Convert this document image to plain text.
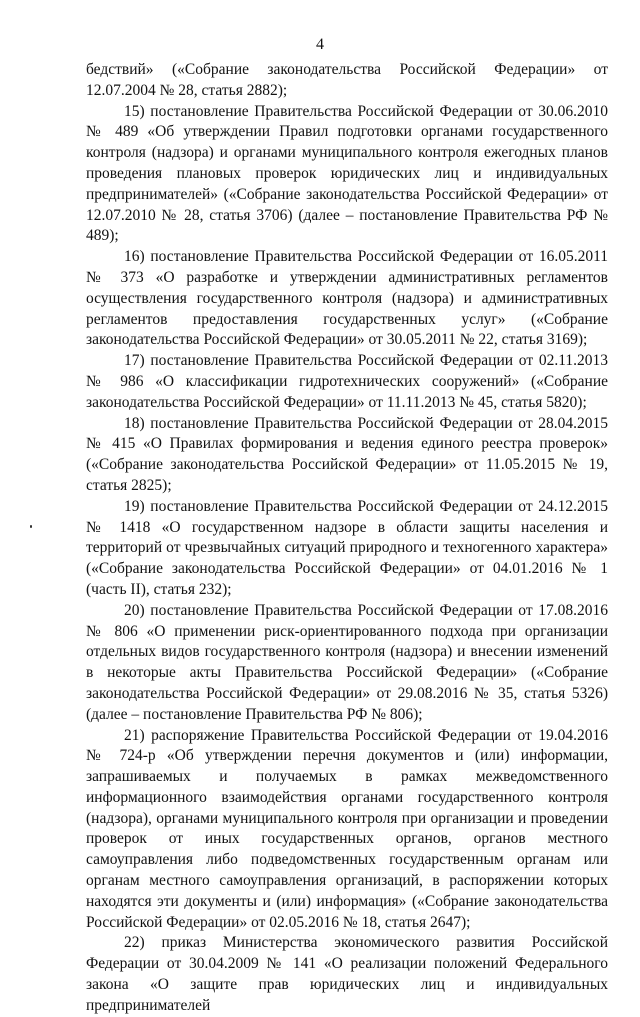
4

бедствий» («Собрание законодательства Российской Федерации» от 12.07.2004 № 28, статья 2882);

15) постановление Правительства Российской Федерации от 30.06.2010 № 489 «Об утверждении Правил подготовки органами государственного контроля (надзора) и органами муниципального контроля ежегодных планов проведения плановых проверок юридических лиц и индивидуальных предпринимателей» («Собрание законодательства Российской Федерации» от 12.07.2010 № 28, статья 3706) (далее – постановление Правительства РФ № 489);

16) постановление Правительства Российской Федерации от 16.05.2011 № 373 «О разработке и утверждении административных регламентов осуществления государственного контроля (надзора) и административных регламентов предоставления государственных услуг» («Собрание законодательства Российской Федерации» от 30.05.2011 № 22, статья 3169);

17) постановление Правительства Российской Федерации от 02.11.2013 № 986 «О классификации гидротехнических сооружений» («Собрание законодательства Российской Федерации» от 11.11.2013 № 45, статья 5820);

18) постановление Правительства Российской Федерации от 28.04.2015 № 415 «О Правилах формирования и ведения единого реестра проверок» («Собрание законодательства Российской Федерации» от 11.05.2015 № 19, статья 2825);

19) постановление Правительства Российской Федерации от 24.12.2015 № 1418 «О государственном надзоре в области защиты населения и территорий от чрезвычайных ситуаций природного и техногенного характера» («Собрание законодательства Российской Федерации» от 04.01.2016 № 1 (часть II), статья 232);

20) постановление Правительства Российской Федерации от 17.08.2016 № 806 «О применении риск-ориентированного подхода при организации отдельных видов государственного контроля (надзора) и внесении изменений в некоторые акты Правительства Российской Федерации» («Собрание законодательства Российской Федерации» от 29.08.2016 № 35, статья 5326) (далее – постановление Правительства РФ № 806);

21) распоряжение Правительства Российской Федерации от 19.04.2016 № 724-р «Об утверждении перечня документов и (или) информации, запрашиваемых и получаемых в рамках межведомственного информационного взаимодействия органами государственного контроля (надзора), органами муниципального контроля при организации и проведении проверок от иных государственных органов, органов местного самоуправления либо подведомственных государственным органам или органам местного самоуправления организаций, в распоряжении которых находятся эти документы и (или) информация» («Собрание законодательства Российской Федерации» от 02.05.2016 № 18, статья 2647);

22) приказ Министерства экономического развития Российской Федерации от 30.04.2009 № 141 «О реализации положений Федерального закона «О защите прав юридических лиц и индивидуальных предпринимателей
